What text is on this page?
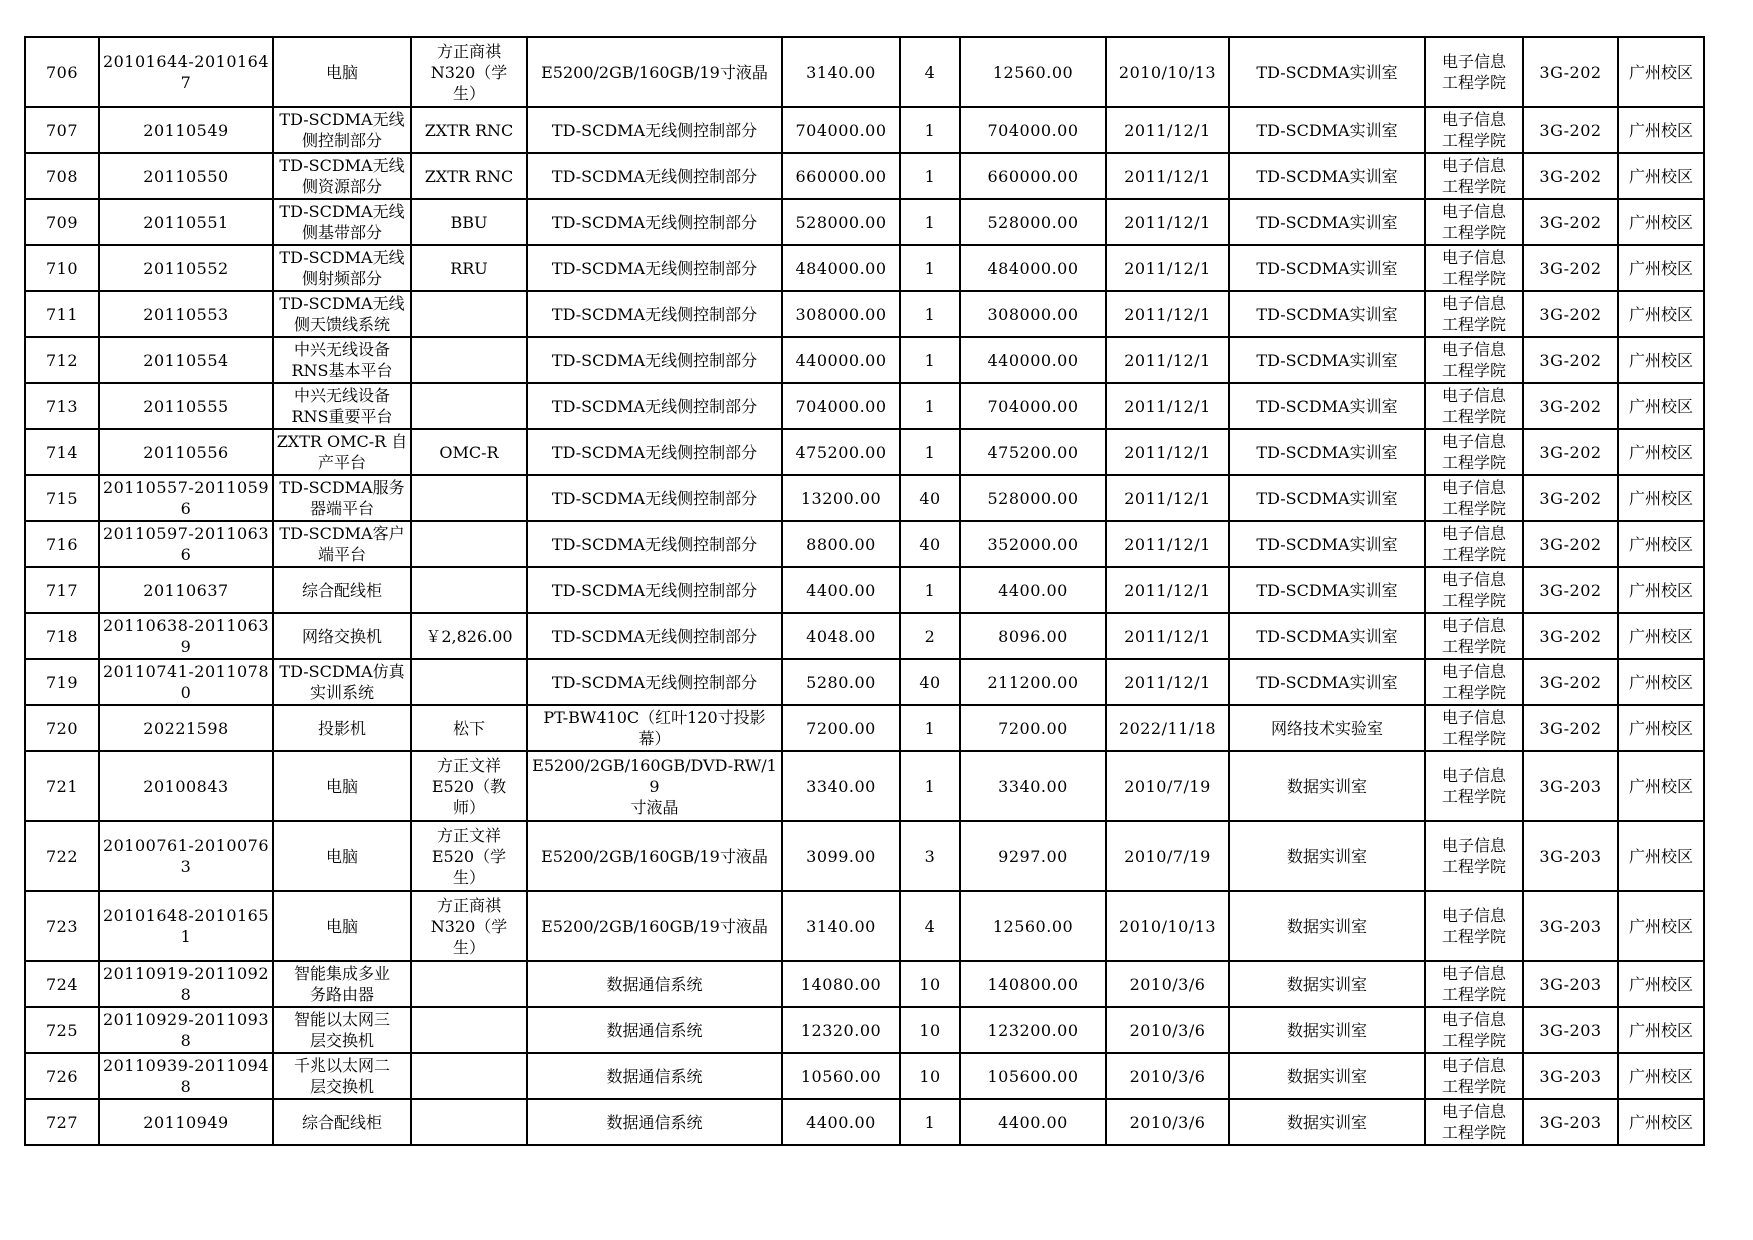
706	20101644-20101647	电脑	方正商祺
N320（学
生）	E5200/2GB/160GB/19寸液晶	3140.00	4	12560.00	2010/10/13	TD-SCDMA实训室	电子信息
工程学院	3G-202	广州校区
707	20110549	TD-SCDMA无线
侧控制部分	ZXTR RNC	TD-SCDMA无线侧控制部分	704000.00	1	704000.00	2011/12/1	TD-SCDMA实训室	电子信息
工程学院	3G-202	广州校区
708	20110550	TD-SCDMA无线
侧资源部分	ZXTR RNC	TD-SCDMA无线侧控制部分	660000.00	1	660000.00	2011/12/1	TD-SCDMA实训室	电子信息
工程学院	3G-202	广州校区
709	20110551	TD-SCDMA无线
侧基带部分	BBU	TD-SCDMA无线侧控制部分	528000.00	1	528000.00	2011/12/1	TD-SCDMA实训室	电子信息
工程学院	3G-202	广州校区
710	20110552	TD-SCDMA无线
侧射频部分	RRU	TD-SCDMA无线侧控制部分	484000.00	1	484000.00	2011/12/1	TD-SCDMA实训室	电子信息
工程学院	3G-202	广州校区
711	20110553	TD-SCDMA无线
侧天馈线系统		TD-SCDMA无线侧控制部分	308000.00	1	308000.00	2011/12/1	TD-SCDMA实训室	电子信息
工程学院	3G-202	广州校区
712	20110554	中兴无线设备
RNS基本平台		TD-SCDMA无线侧控制部分	440000.00	1	440000.00	2011/12/1	TD-SCDMA实训室	电子信息
工程学院	3G-202	广州校区
713	20110555	中兴无线设备
RNS重要平台		TD-SCDMA无线侧控制部分	704000.00	1	704000.00	2011/12/1	TD-SCDMA实训室	电子信息
工程学院	3G-202	广州校区
714	20110556	ZXTR OMC-R 自
产平台	OMC-R	TD-SCDMA无线侧控制部分	475200.00	1	475200.00	2011/12/1	TD-SCDMA实训室	电子信息
工程学院	3G-202	广州校区
715	20110557-20110596	TD-SCDMA服务
器端平台		TD-SCDMA无线侧控制部分	13200.00	40	528000.00	2011/12/1	TD-SCDMA实训室	电子信息
工程学院	3G-202	广州校区
716	20110597-20110636	TD-SCDMA客户
端平台		TD-SCDMA无线侧控制部分	8800.00	40	352000.00	2011/12/1	TD-SCDMA实训室	电子信息
工程学院	3G-202	广州校区
717	20110637	综合配线柜		TD-SCDMA无线侧控制部分	4400.00	1	4400.00	2011/12/1	TD-SCDMA实训室	电子信息
工程学院	3G-202	广州校区
718	20110638-20110639	网络交换机	￥2,826.00	TD-SCDMA无线侧控制部分	4048.00	2	8096.00	2011/12/1	TD-SCDMA实训室	电子信息
工程学院	3G-202	广州校区
719	20110741-20110780	TD-SCDMA仿真
实训系统		TD-SCDMA无线侧控制部分	5280.00	40	211200.00	2011/12/1	TD-SCDMA实训室	电子信息
工程学院	3G-202	广州校区
720	20221598	投影机	松下	PT-BW410C（红叶120寸投影
幕）	7200.00	1	7200.00	2022/11/18	网络技术实验室	电子信息
工程学院	3G-202	广州校区
721	20100843	电脑	方正文祥
E520（教
师）	E5200/2GB/160GB/DVD-RW/19
寸液晶	3340.00	1	3340.00	2010/7/19	数据实训室	电子信息
工程学院	3G-203	广州校区
722	20100761-20100763	电脑	方正文祥
E520（学
生）	E5200/2GB/160GB/19寸液晶	3099.00	3	9297.00	2010/7/19	数据实训室	电子信息
工程学院	3G-203	广州校区
723	20101648-20101651	电脑	方正商祺
N320（学
生）	E5200/2GB/160GB/19寸液晶	3140.00	4	12560.00	2010/10/13	数据实训室	电子信息
工程学院	3G-203	广州校区
724	20110919-20110928	智能集成多业
务路由器		数据通信系统	14080.00	10	140800.00	2010/3/6	数据实训室	电子信息
工程学院	3G-203	广州校区
725	20110929-20110938	智能以太网三
层交换机		数据通信系统	12320.00	10	123200.00	2010/3/6	数据实训室	电子信息
工程学院	3G-203	广州校区
726	20110939-20110948	千兆以太网二
层交换机		数据通信系统	10560.00	10	105600.00	2010/3/6	数据实训室	电子信息
工程学院	3G-203	广州校区
727	20110949	综合配线柜		数据通信系统	4400.00	1	4400.00	2010/3/6	数据实训室	电子信息
工程学院	3G-203	广州校区
